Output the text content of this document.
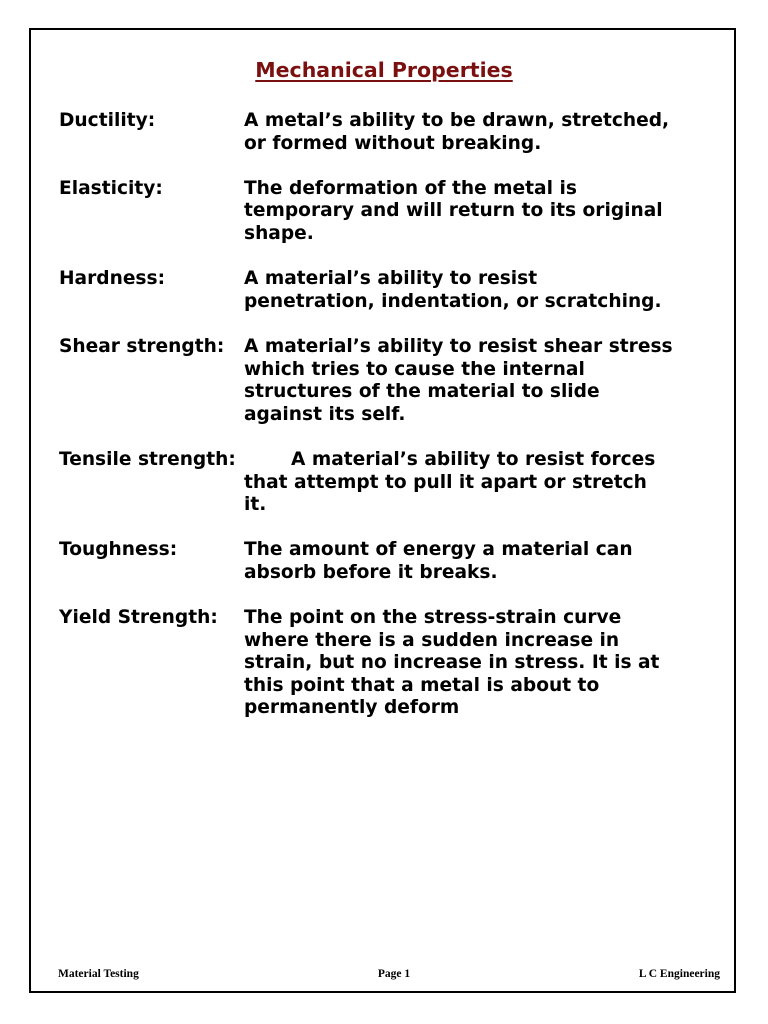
Mechanical Properties
Ductility:	A metal’s ability to be drawn, stretched,
or formed without breaking.
Elasticity:	The deformation of the metal is
temporary and will return to its original
shape.
Hardness:	A material’s ability to resist
penetration, indentation, or scratching.
Shear strength: A material’s ability to resist shear stress
which tries to cause the internal
structures of the material to slide
against its self.
Tensile strength:	A material’s ability to resist forces
that attempt to pull it apart or stretch
it.
Toughness:	The amount of energy a material can
absorb before it breaks.
Yield Strength: The point on the stress-strain curve
where there is a sudden increase in
strain, but no increase in stress. It is at
this point that a metal is about to
permanently deform
Material Testing	Page 1	L C Engineering
